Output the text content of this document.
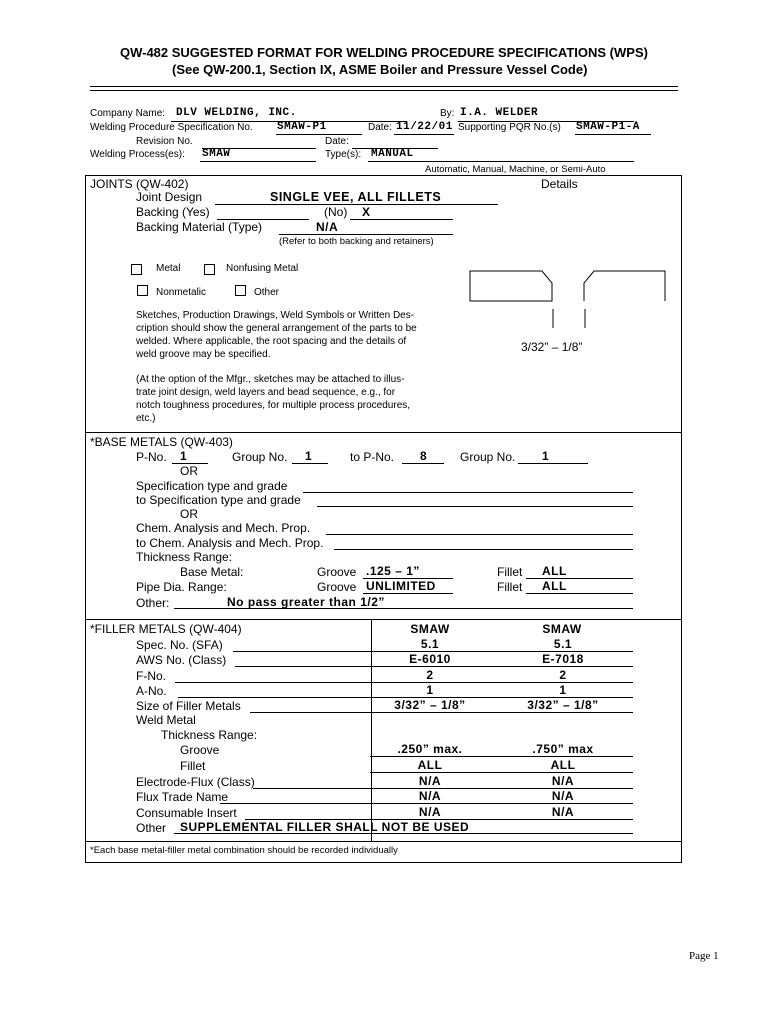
QW-482 SUGGESTED FORMAT FOR WELDING PROCEDURE SPECIFICATIONS (WPS)
(See QW-200.1, Section IX, ASME Boiler and Pressure Vessel Code)
Company Name: DLV WELDING, INC.	By: I.A. WELDER
Welding Procedure Specification No. SMAW-P1	Date: 11/22/01 Supporting PQR No.(s) SMAW-P1-A
Revision No.	Date:
Welding Process(es): SMAW	Type(s): MANUAL
Automatic, Manual, Machine, or Semi-Auto
JOINTS (QW-402)	Details
Joint Design	SINGLE VEE, ALL FILLETS
Backing (Yes)	(No) X
Backing Material (Type)	N/A
(Refer to both backing and retainers)
Metal	Nonfusing Metal
Nonmetalic	Other
Sketches, Production Drawings, Weld Symbols or Written Des-
cription should show the general arrangement of the parts to be
welded. Where applicable, the root spacing and the details of
weld groove may be specified.
(At the option of the Mfgr., sketches may be attached to illus-
trate joint design, weld layers and bead sequence, e.g., for
notch toughness procedures, for multiple process procedures,
etc.)
3/32” – 1/8”
*BASE METALS (QW-403)
P-No. 1	Group No. 1	to P-No. 8	Group No. 1
OR
Specification type and grade
to Specification type and grade
OR
Chem. Analysis and Mech. Prop.
to Chem. Analysis and Mech. Prop.
Thickness Range:
Base Metal:	Groove .125 – 1”	Fillet ALL
Pipe Dia. Range:	Groove UNLIMITED	Fillet ALL
Other:	No pass greater than 1/2”
*FILLER METALS (QW-404)	SMAW	SMAW
Spec. No. (SFA)	5.1	5.1
AWS No. (Class)	E-6010	E-7018
F-No.	2	2
A-No.	1	1
Size of Filler Metals	3/32” – 1/8”	3/32” – 1/8”
Groove	.250” max.	.750” max
Fillet	ALL	ALL
Electrode-Flux (Class)	N/A	N/A
Flux Trade Name	N/A	N/A
Consumable Insert	N/A	N/A
Weld Metal
Thickness Range:
Other SUPPLEMENTAL FILLER SHALL NOT BE USED
*Each base metal-filler metal combination should be recorded individually
Page 1
